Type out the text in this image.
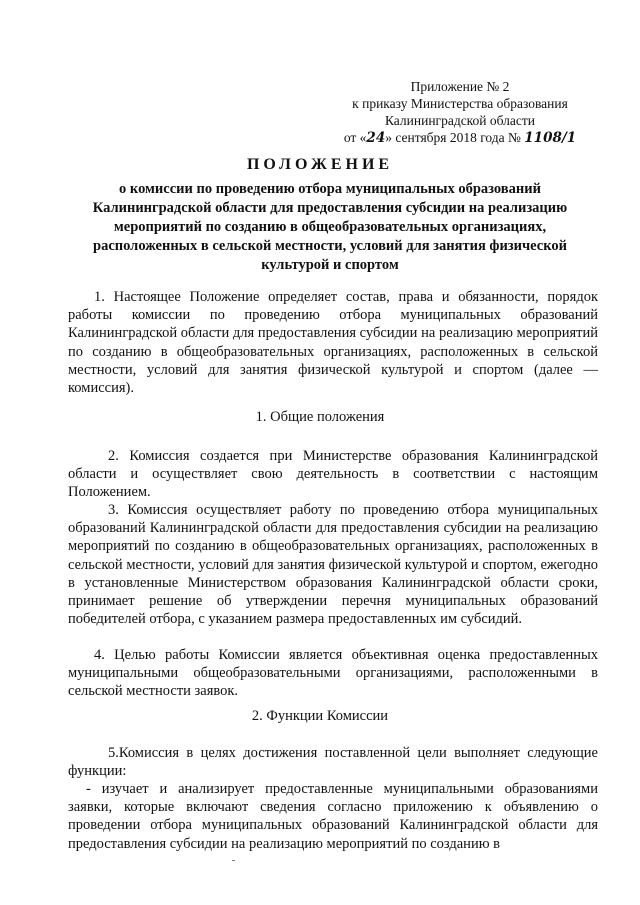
Приложение № 2
к приказу Министерства образования
Калининградской области
от «24» сентября 2018 года № 1108/1
ПОЛОЖЕНИЕ
о комиссии по проведению отбора муниципальных образований Калининградской области для предоставления субсидии на реализацию мероприятий по созданию в общеобразовательных организациях, расположенных в сельской местности, условий для занятия физической культурой и спортом
1. Настоящее Положение определяет состав, права и обязанности, порядок работы комиссии по проведению отбора муниципальных образований Калининградской области для предоставления субсидии на реализацию мероприятий по созданию в общеобразовательных организациях, расположенных в сельской местности, условий для занятия физической культурой и спортом (далее — комиссия).
1. Общие положения
2. Комиссия создается при Министерстве образования Калининградской области и осуществляет свою деятельность в соответствии с настоящим Положением.
3. Комиссия осуществляет работу по проведению отбора муниципальных образований Калининградской области для предоставления субсидии на реализацию мероприятий по созданию в общеобразовательных организациях, расположенных в сельской местности, условий для занятия физической культурой и спортом, ежегодно в установленные Министерством образования Калининградской области сроки, принимает решение об утверждении перечня муниципальных образований победителей отбора, с указанием размера предоставленных им субсидий.
4. Целью работы Комиссии является объективная оценка предоставленных муниципальными общеобразовательными организациями, расположенными в сельской местности заявок.
2. Функции Комиссии
5.Комиссия в целях достижения поставленной цели выполняет следующие функции:
- изучает и анализирует предоставленные муниципальными образованиями заявки, которые включают сведения согласно приложению к объявлению о проведении отбора муниципальных образований Калининградской области для предоставления субсидии на реализацию мероприятий по созданию в
